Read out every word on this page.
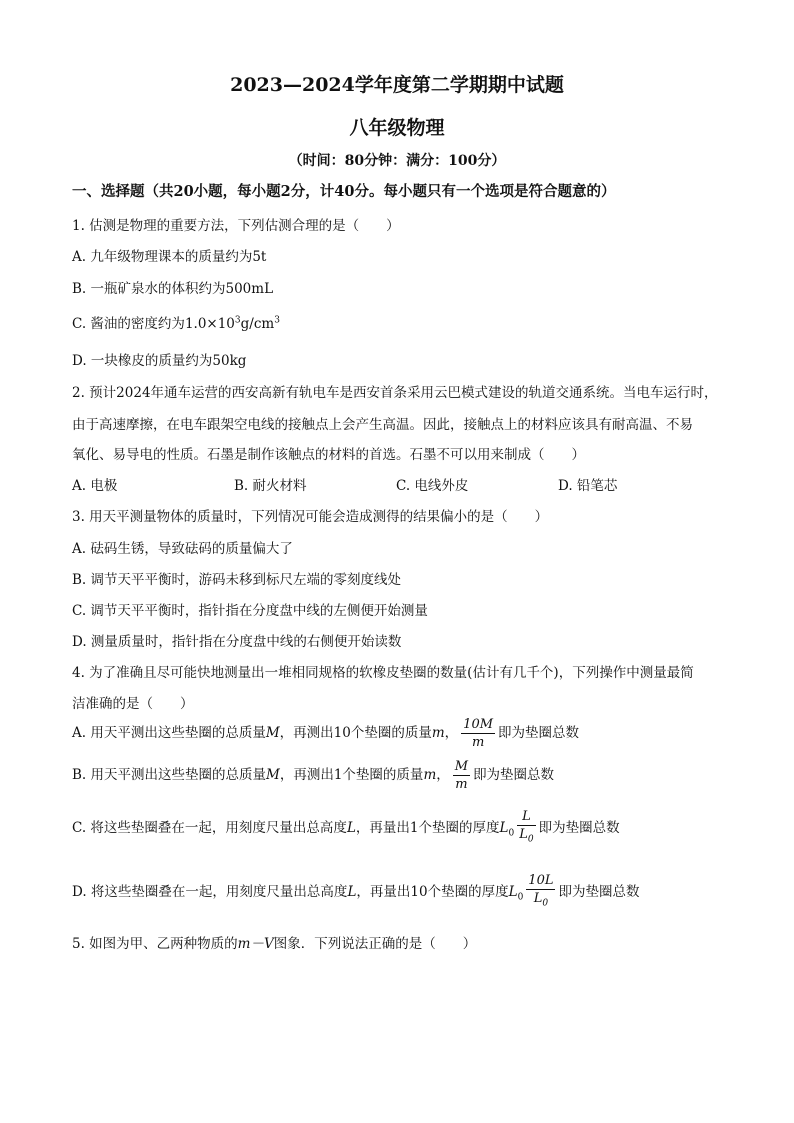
2023—2024学年度第二学期期中试题
八年级物理
（时间：80分钟：满分：100分）
一、选择题（共20小题，每小题2分，计40分。每小题只有一个选项是符合题意的）
1. 估测是物理的重要方法，下列估测合理的是（　　）
A. 九年级物理课本的质量约为5t
B. 一瓶矿泉水的体积约为500mL
C. 酱油的密度约为$1.0\times 10^3g/cm^3$
D. 一块橡皮的质量约为50kg
2. 预计2024年通车运营的西安高新有轨电车是西安首条采用云巴模式建设的轨道交通系统。当电车运行时，
由于高速摩擦，在电车跟架空电线的接触点上会产生高温。因此，接触点上的材料应该具有耐高温、不易
氧化、易导电的性质。石墨是制作该触点的材料的首选。石墨不可以用来制成（　　）
A. 电极	B. 耐火材料	C. 电线外皮	D. 铅笔芯
3. 用天平测量物体的质量时，下列情况可能会造成测得的结果偏小的是（　　）
A. 砝码生锈，导致砝码的质量偏大了
B. 调节天平平衡时，游码未移到标尺左端的零刻度线处
C. 调节天平平衡时，指针指在分度盘中线的左侧便开始测量
D. 测量质量时，指针指在分度盘中线的右侧便开始读数
4. 为了准确且尽可能快地测量出一堆相同规格的软橡皮垫圈的数量(估计有几千个)，下列操作中测量最简
洁准确的是（　　）
A. 用天平测出这些垫圈的总质量M，再测出10个垫圈的质量m， $\frac{10M}{m}$ 即为垫圈总数
B. 用天平测出这些垫圈的总质量M，再测出1个垫圈的质量m， $\frac{M}{m}$ 即为垫圈总数
C. 将这些垫圈叠在一起，用刻度尺量出总高度L，再量出1个垫圈的厚度$L_0 \frac{L}{L_0}$ 即为垫圈总数
D. 将这些垫圈叠在一起，用刻度尺量出总高度L，再量出10个垫圈的厚度$L_0 \frac{10L}{L_0}$ 即为垫圈总数
5. 如图为甲、乙两种物质的m－V图象．下列说法正确的是（　　）
